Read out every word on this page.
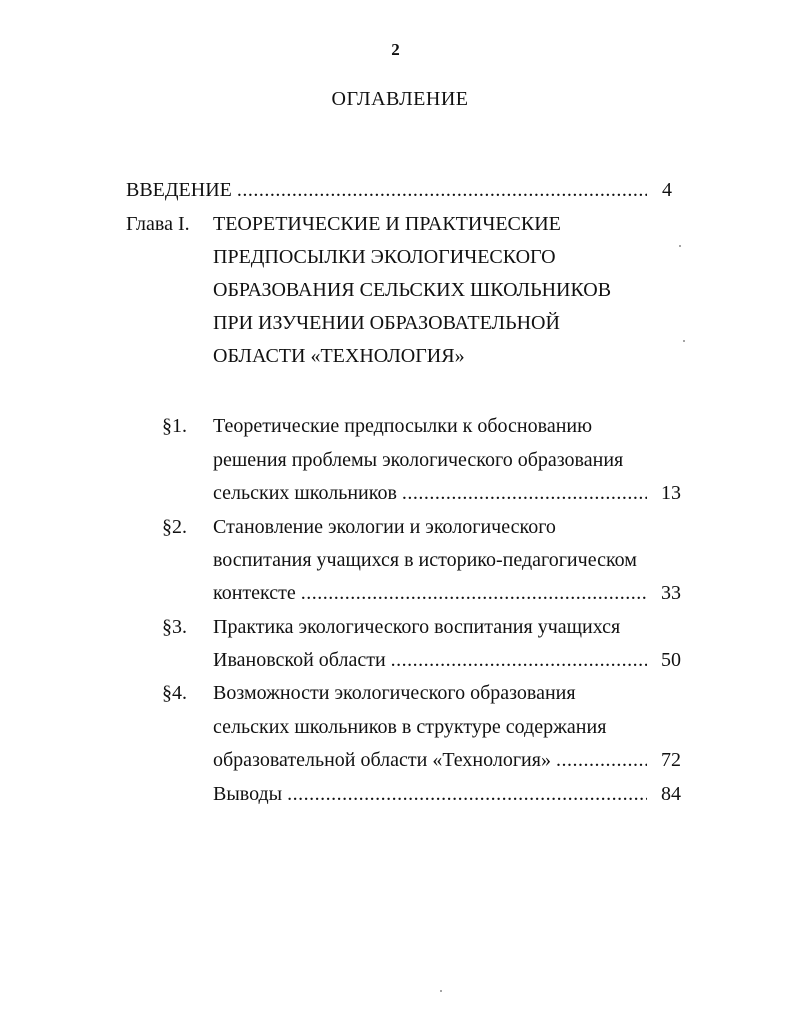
2
ОГЛАВЛЕНИЕ
ВВЕДЕНИЕ .....	4
Глава I. ТЕОРЕТИЧЕСКИЕ И ПРАКТИЧЕСКИЕ
ПРЕДПОСЫЛКИ ЭКОЛОГИЧЕСКОГО
ОБРАЗОВАНИЯ СЕЛЬСКИХ ШКОЛЬНИКОВ
ПРИ ИЗУЧЕНИИ ОБРАЗОВАТЕЛЬНОЙ
ОБЛАСТИ «ТЕХНОЛОГИЯ»
§1. Теоретические предпосылки к обоснованию
решения проблемы экологического образования
сельских школьников .....	13
§2. Становление экологии и экологического
воспитания учащихся в историко-педагогическом
контексте .....	33
§3. Практика экологического воспитания учащихся
Ивановской области .....	50
§4. Возможности экологического образования
сельских школьников в структуре содержания
образовательной области «Технология» .....	72
Выводы .....	84
